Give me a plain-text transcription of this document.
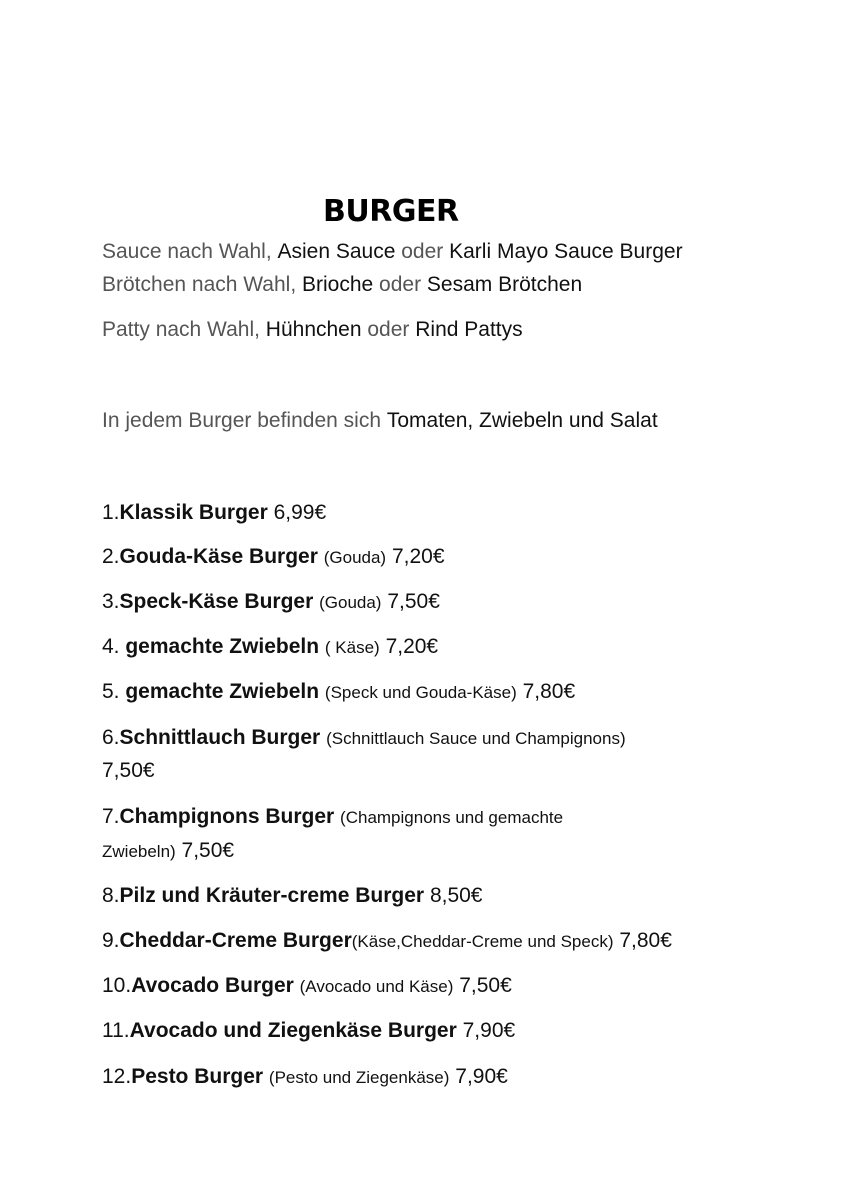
BURGER
Sauce nach Wahl, Asien Sauce oder Karli Mayo Sauce Burger
Brötchen nach Wahl, Brioche oder Sesam Brötchen
Patty nach Wahl, Hühnchen oder Rind Pattys
In jedem Burger befinden sich Tomaten, Zwiebeln und Salat
1.Klassik Burger 6,99€
2.Gouda-Käse Burger (Gouda) 7,20€
3.Speck-Käse Burger (Gouda) 7,50€
4. gemachte Zwiebeln ( Käse) 7,20€
5. gemachte Zwiebeln (Speck und Gouda-Käse) 7,80€
6.Schnittlauch Burger (Schnittlauch Sauce und Champignons)
7,50€
7.Champignons Burger (Champignons und gemachte
Zwiebeln) 7,50€
8.Pilz und Kräuter-creme Burger 8,50€
9.Cheddar-Creme Burger(Käse,Cheddar-Creme und Speck) 7,80€
10.Avocado Burger (Avocado und Käse) 7,50€
11.Avocado und Ziegenkäse Burger 7,90€
12.Pesto Burger (Pesto und Ziegenkäse) 7,90€
